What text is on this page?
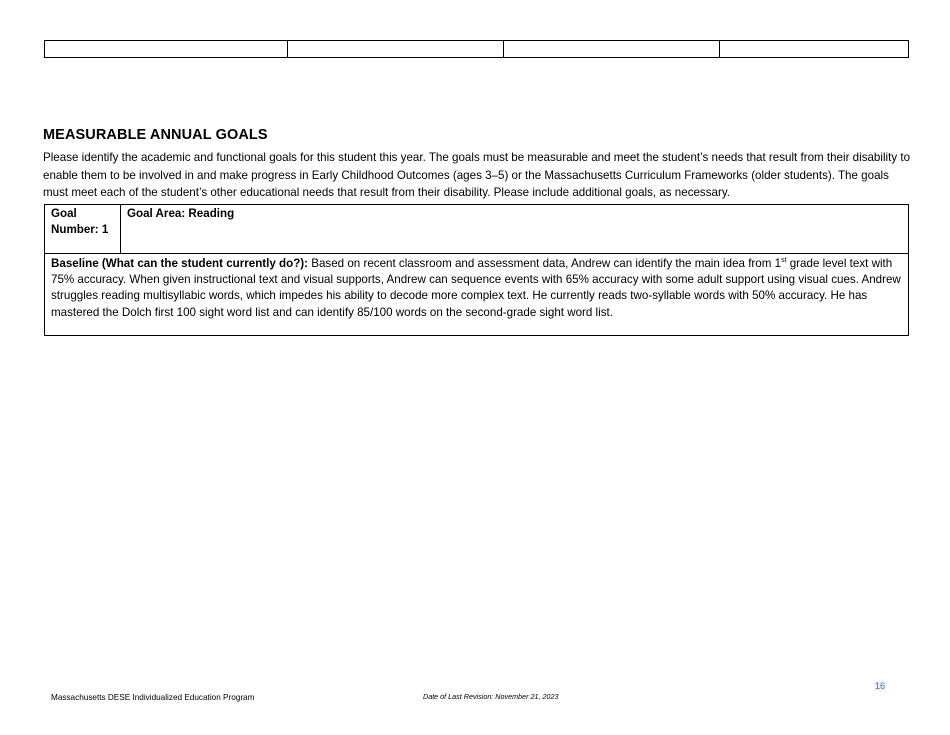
MEASURABLE ANNUAL GOALS

Please identify the academic and functional goals for this student this year. The goals must be measurable and meet the student’s needs that result from their disability to enable them to be involved in and make progress in Early Childhood Outcomes (ages 3–5) or the Massachusetts Curriculum Frameworks (older students). The goals must meet each of the student’s other educational needs that result from their disability. Please include additional goals, as necessary.

Goal
Number: 1	Goal Area: Reading
Baseline (What can the student currently do?): Based on recent classroom and assessment data, Andrew can identify the main idea from 1st grade level text with 75% accuracy. When given instructional text and visual supports, Andrew can sequence events with 65% accuracy with some adult support using visual cues. Andrew struggles reading multisyllabic words, which impedes his ability to decode more complex text. He currently reads two-syllable words with 50% accuracy. He has mastered the Dolch first 100 sight word list and can identify 85/100 words on the second-grade sight word list.
16
Massachusetts DESE Individualized Education Program	Date of Last Revision: November 21, 2023
